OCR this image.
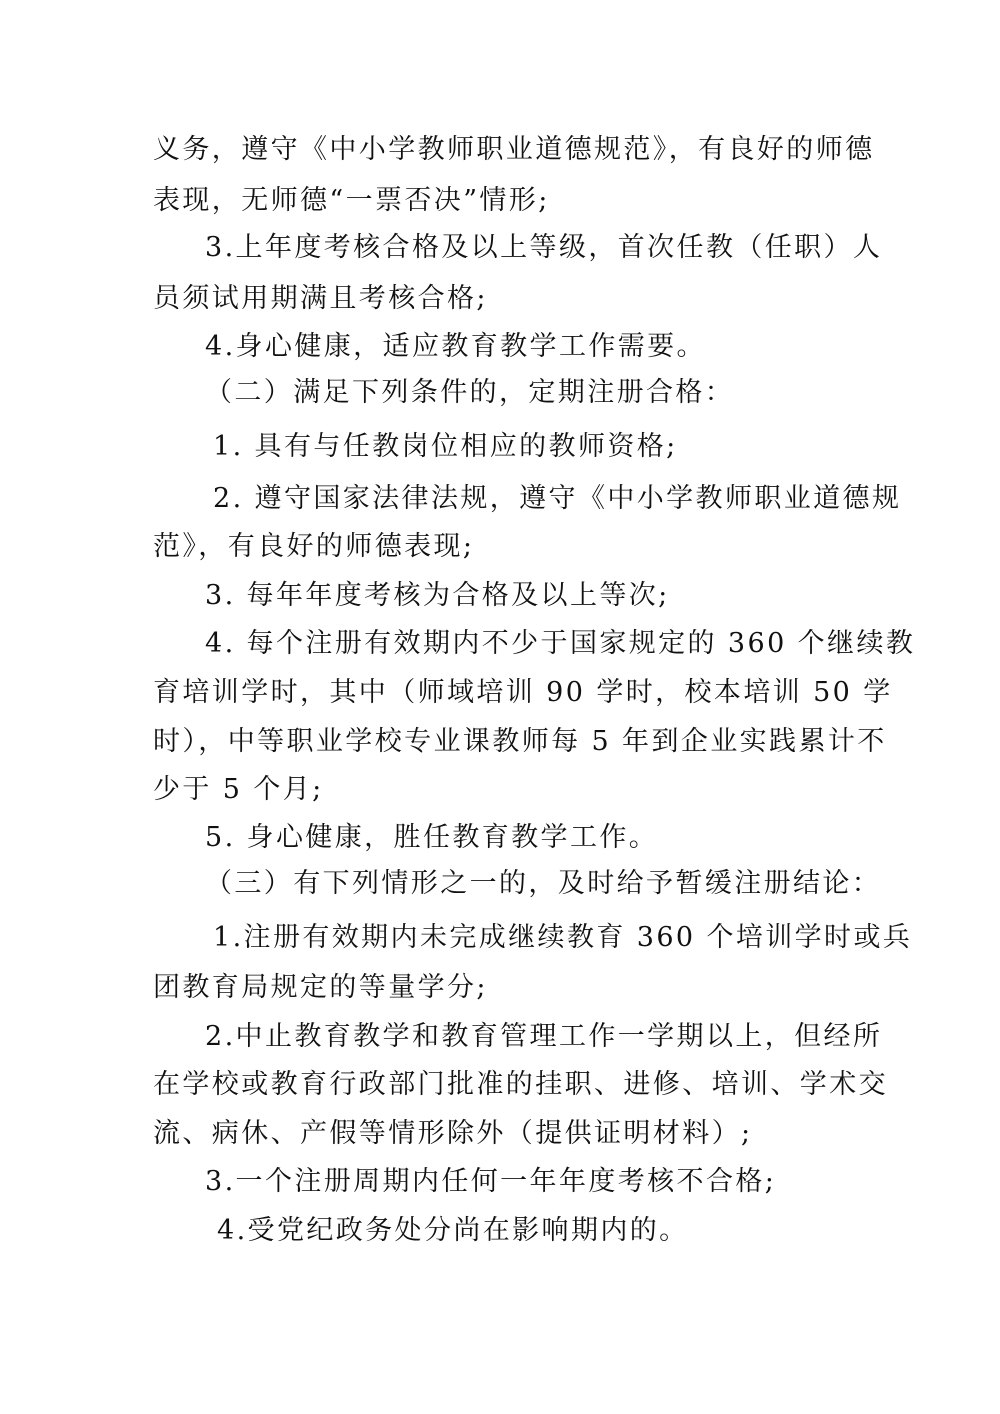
义务，遵守《中小学教师职业道德规范》，有良好的师德

表现，无师德“一票否决”情形;

3.上年度考核合格及以上等级，首次任教（任职）人

员须试用期满且考核合格;

4.身心健康，适应教育教学工作需要。

（二）满足下列条件的，定期注册合格：

1. 具有与任教岗位相应的教师资格;

2. 遵守国家法律法规，遵守《中小学教师职业道德规

范》，有良好的师德表现;

3. 每年年度考核为合格及以上等次;

4. 每个注册有效期内不少于国家规定的 360 个继续教

育培训学时，其中（师域培训 90 学时，校本培训 50 学

时），中等职业学校专业课教师每 5 年到企业实践累计不

少于 5 个月;

5. 身心健康，胜任教育教学工作。

（三）有下列情形之一的，及时给予暂缓注册结论：

1.注册有效期内未完成继续教育 360 个培训学时或兵

团教育局规定的等量学分;

2.中止教育教学和教育管理工作一学期以上，但经所

在学校或教育行政部门批准的挂职、进修、培训、学术交

流、病休、产假等情形除外（提供证明材料）;

3.一个注册周期内任何一年年度考核不合格;

4.受党纪政务处分尚在影响期内的。
